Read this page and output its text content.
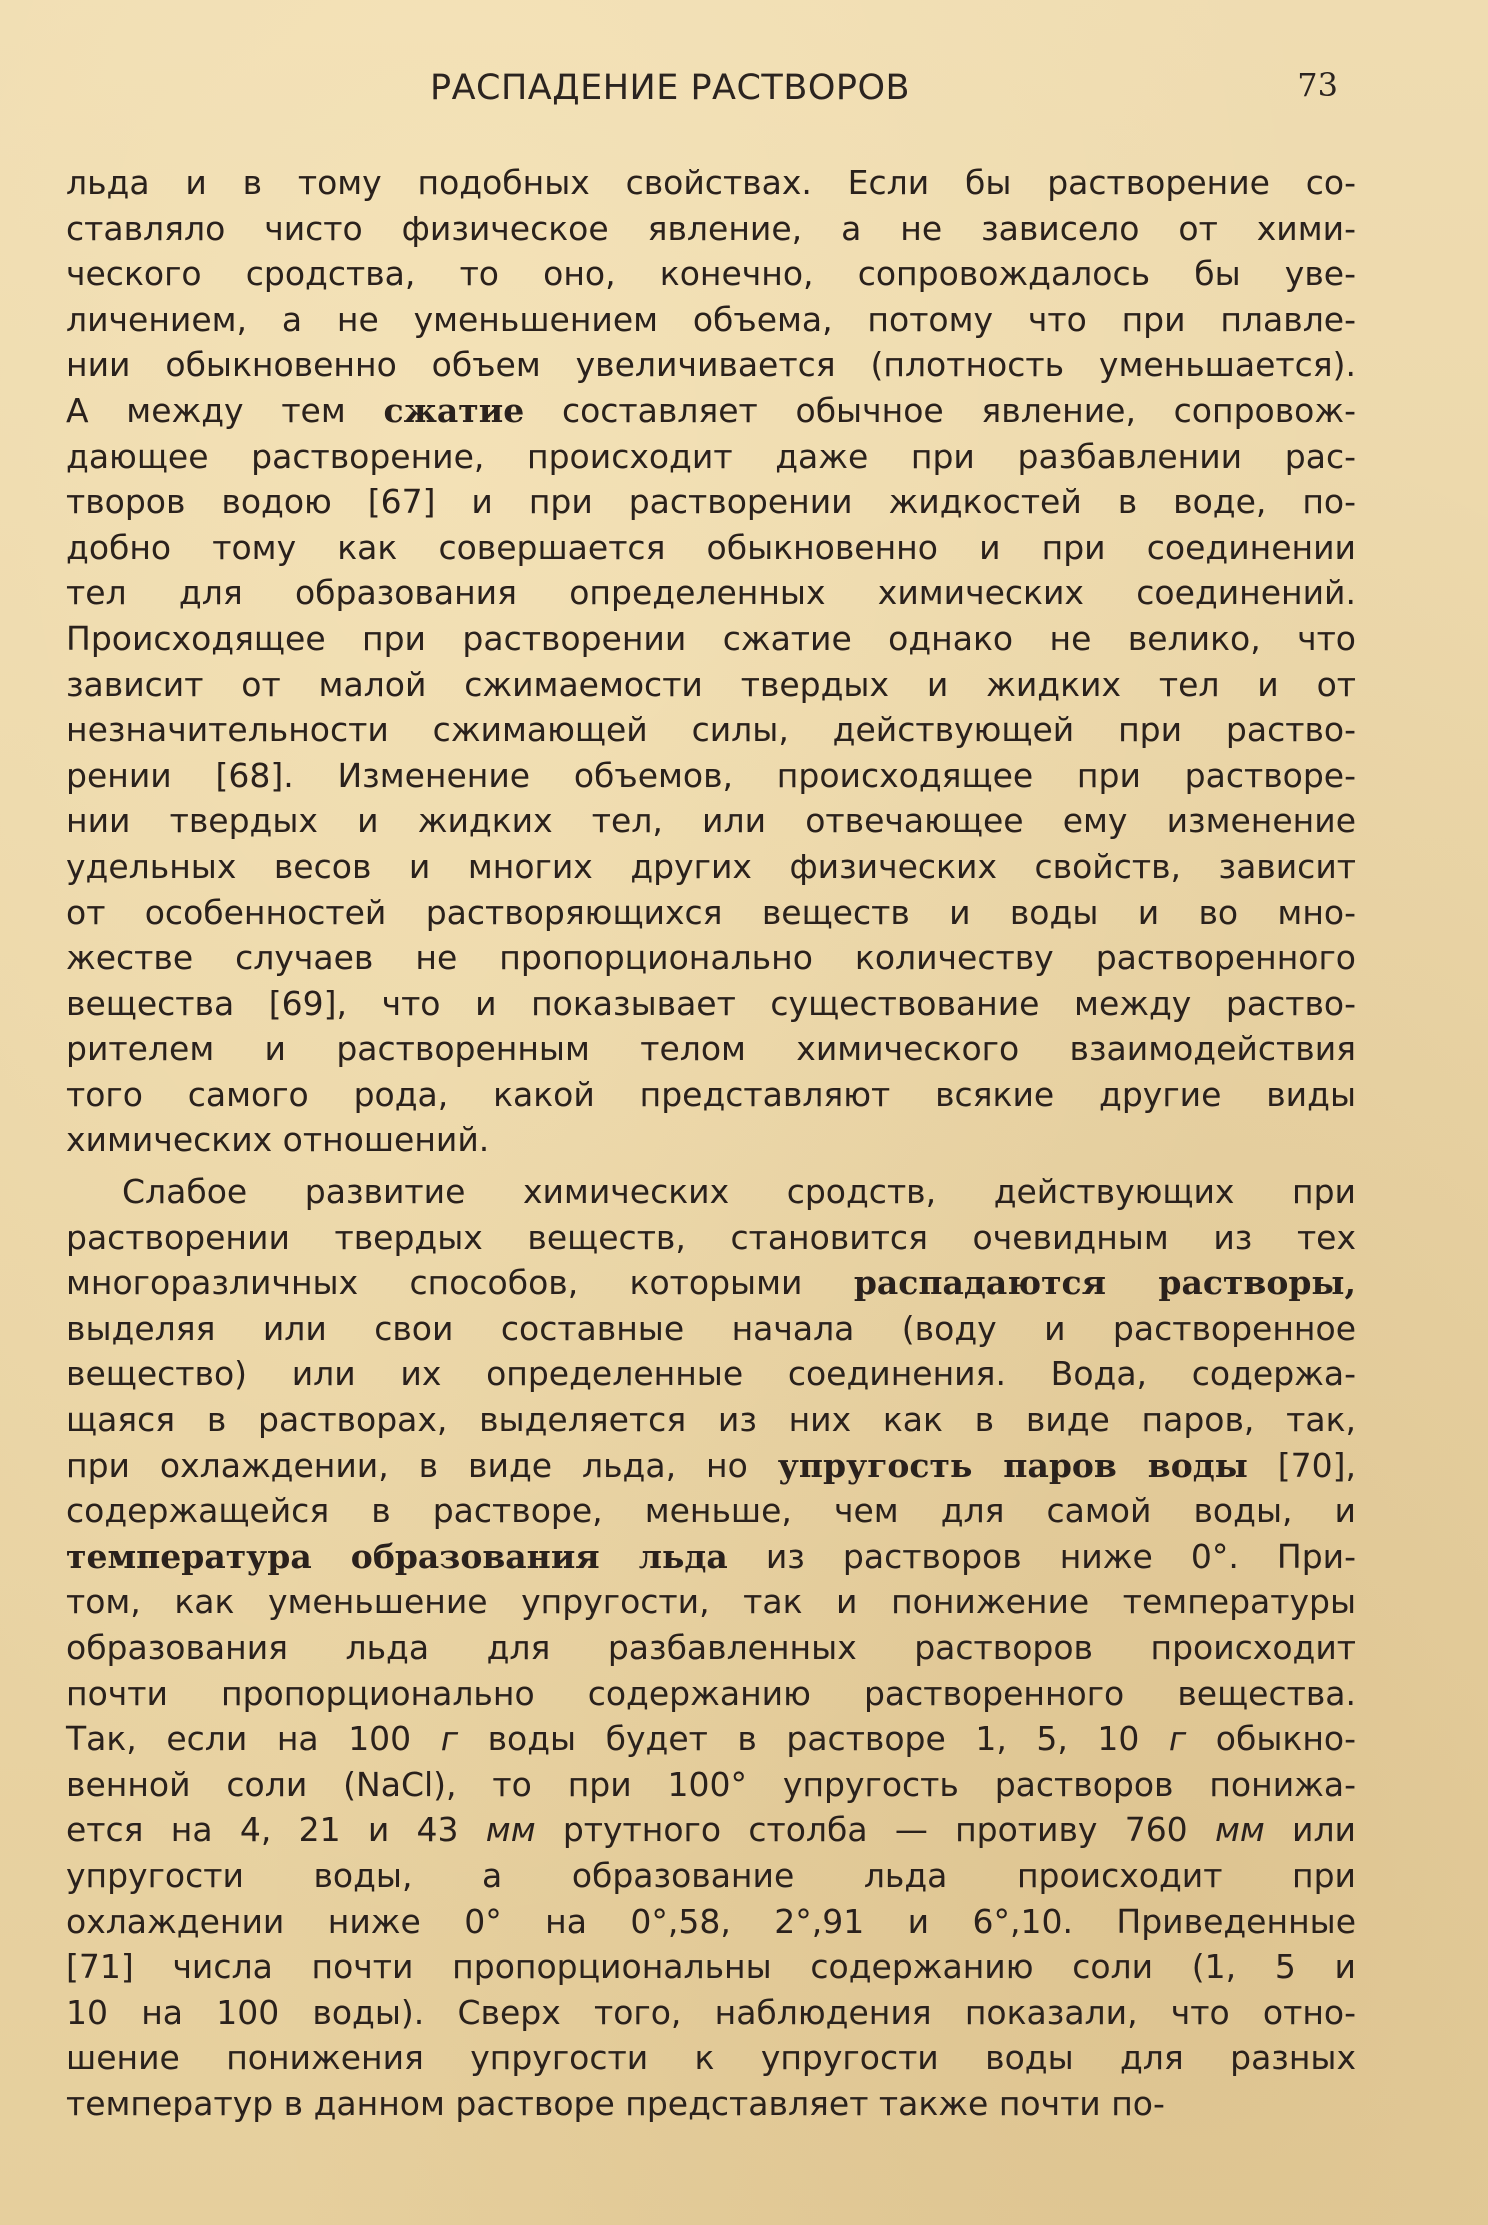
РАСПАДЕНИЕ РАСТВОРОВ	73
льда и в тому подобных свойствах. Если бы растворение со-
ставляло чисто физическое явление, а не зависело от хими-
ческого сродства, то оно, конечно, сопровождалось бы уве-
личением, а не уменьшением объема, потому что при плавле-
нии обыкновенно объем увеличивается (плотность уменьшается).
А между тем сжатие составляет обычное явление, сопровож-
дающее растворение, происходит даже при разбавлении рас-
творов водою [67] и при растворении жидкостей в воде, по-
добно тому как совершается обыкновенно и при соединении
тел для образования определенных химических соединений.
Происходящее при растворении сжатие однако не велико, что
зависит от малой сжимаемости твердых и жидких тел и от
незначительности сжимающей силы, действующей при раство-
рении [68]. Изменение объемов, происходящее при растворе-
нии твердых и жидких тел, или отвечающее ему изменение
удельных весов и многих других физических свойств, зависит
от особенностей растворяющихся веществ и воды и во мно-
жестве случаев не пропорционально количеству растворенного
вещества [69], что и показывает существование между раство-
рителем и растворенным телом химического взаимодействия
того самого рода, какой представляют всякие другие виды
химических отношений.
Слабое развитие химических сродств, действующих при
растворении твердых веществ, становится очевидным из тех
многоразличных способов, которыми распадаются растворы,
выделяя или свои составные начала (воду и растворенное
вещество) или их определенные соединения. Вода, содержа-
щаяся в растворах, выделяется из них как в виде паров, так,
при охлаждении, в виде льда, но упругость паров воды [70],
содержащейся в растворе, меньше, чем для самой воды, и
температура образования льда из растворов ниже 0°. При-
том, как уменьшение упругости, так и понижение температуры
образования льда для разбавленных растворов происходит
почти пропорционально содержанию растворенного вещества.
Так, если на 100 г воды будет в растворе 1, 5, 10 г обыкно-
венной соли (NaCl), то при 100° упругость растворов понижа-
ется на 4, 21 и 43 мм ртутного столба — противу 760 мм или
упругости воды, а образование льда происходит при
охлаждении ниже 0° на 0°,58, 2°,91 и 6°,10. Приведенные
[71] числа почти пропорциональны содержанию соли (1, 5 и
10 на 100 воды). Сверх того, наблюдения показали, что отно-
шение понижения упругости к упругости воды для разных
температур в данном растворе представляет также почти по-
